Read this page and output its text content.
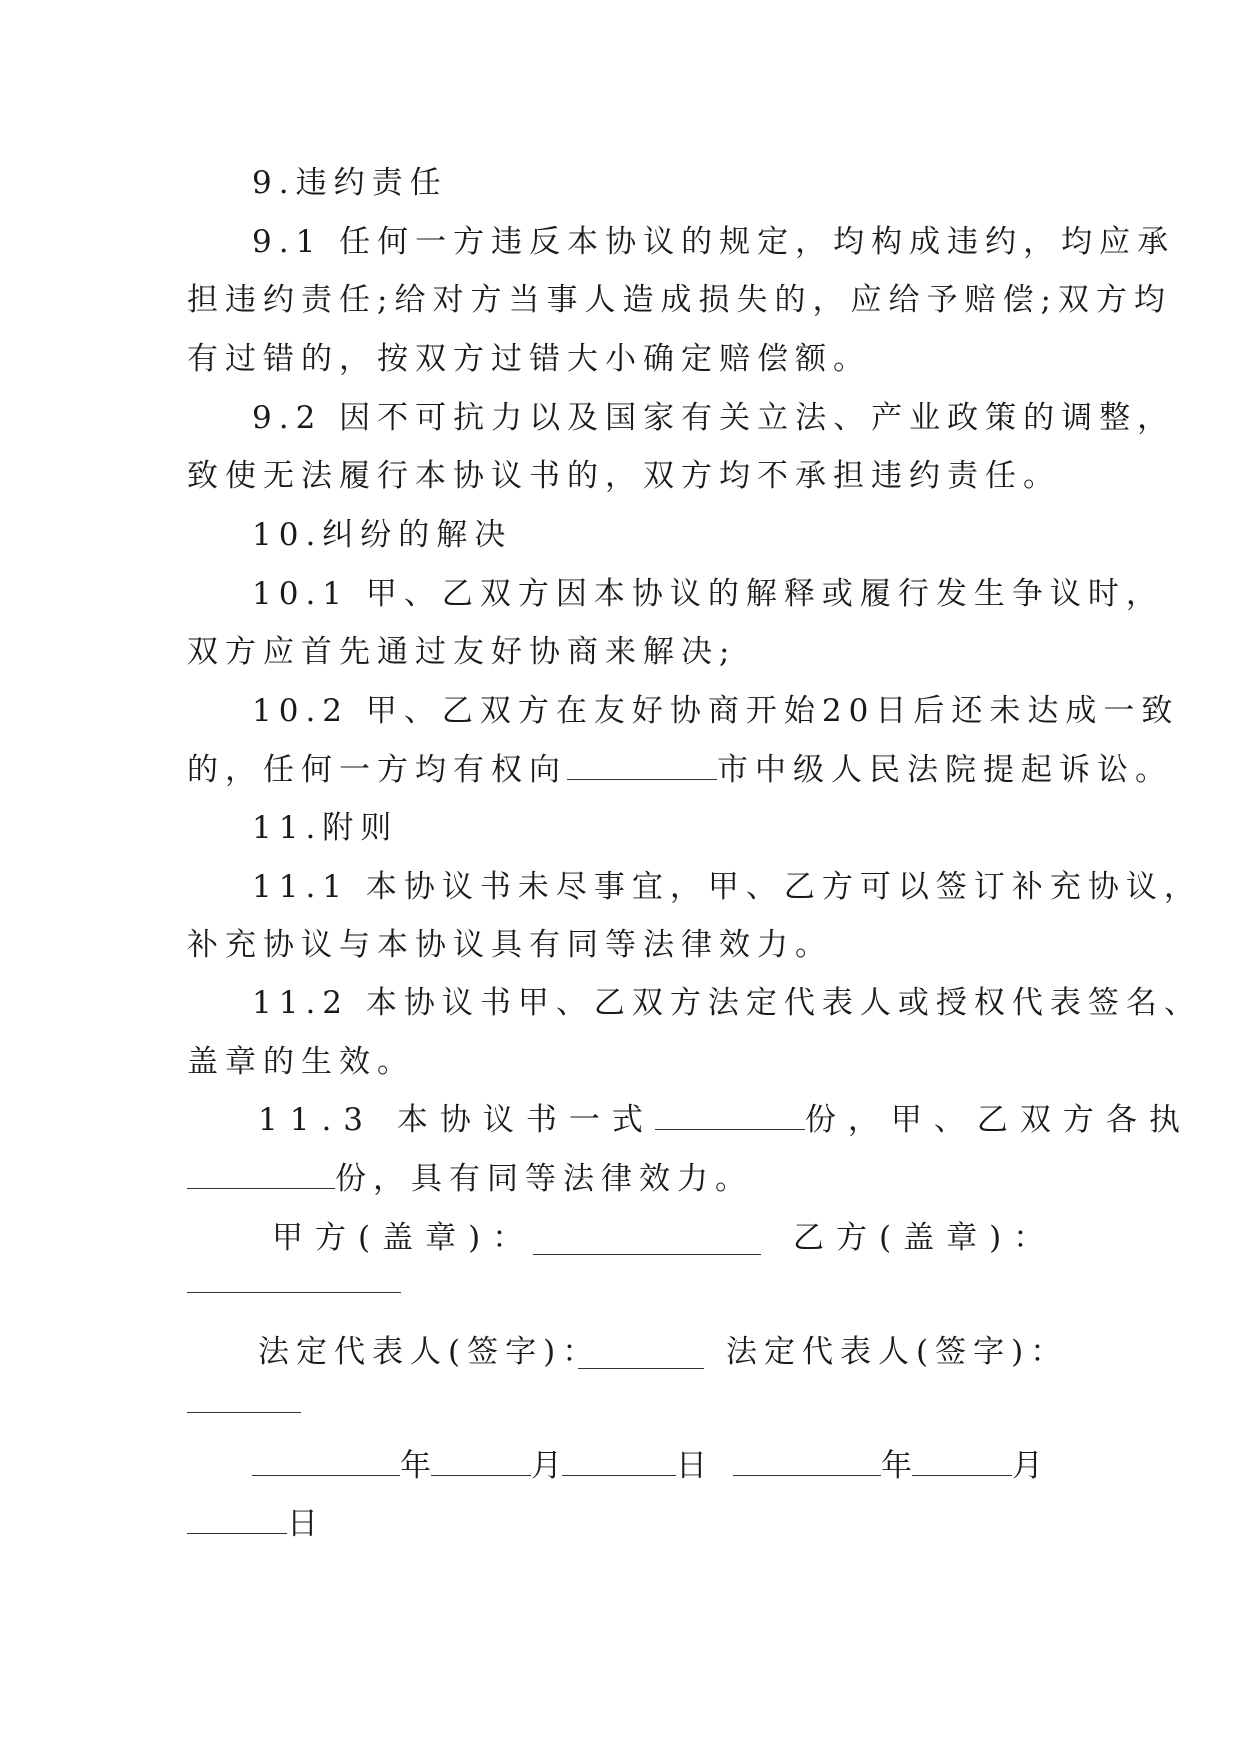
9.违约责任
9.1 任何一方违反本协议的规定，均构成违约，均应承
担违约责任;给对方当事人造成损失的，应给予赔偿;双方均
有过错的，按双方过错大小确定赔偿额。
9.2 因不可抗力以及国家有关立法、产业政策的调整，
致使无法履行本协议书的，双方均不承担违约责任。
10.纠纷的解决
10.1 甲、乙双方因本协议的解释或履行发生争议时，
双方应首先通过友好协商来解决;
10.2 甲、乙双方在友好协商开始20日后还未达成一致
的，任何一方均有权向	市中级人民法院提起诉讼。
11.附则
11.1 本协议书未尽事宜，甲、乙方可以签订补充协议，
补充协议与本协议具有同等法律效力。
11.2 本协议书甲、乙双方法定代表人或授权代表签名、
盖章的生效。
11.3 本协议书一式	份，甲、乙双方各执
份，具有同等法律效力。
甲方(盖章)：	乙方(盖章)：
法定代表人(签字)：	法定代表人(签字)：
年	月	日	年	月
日
